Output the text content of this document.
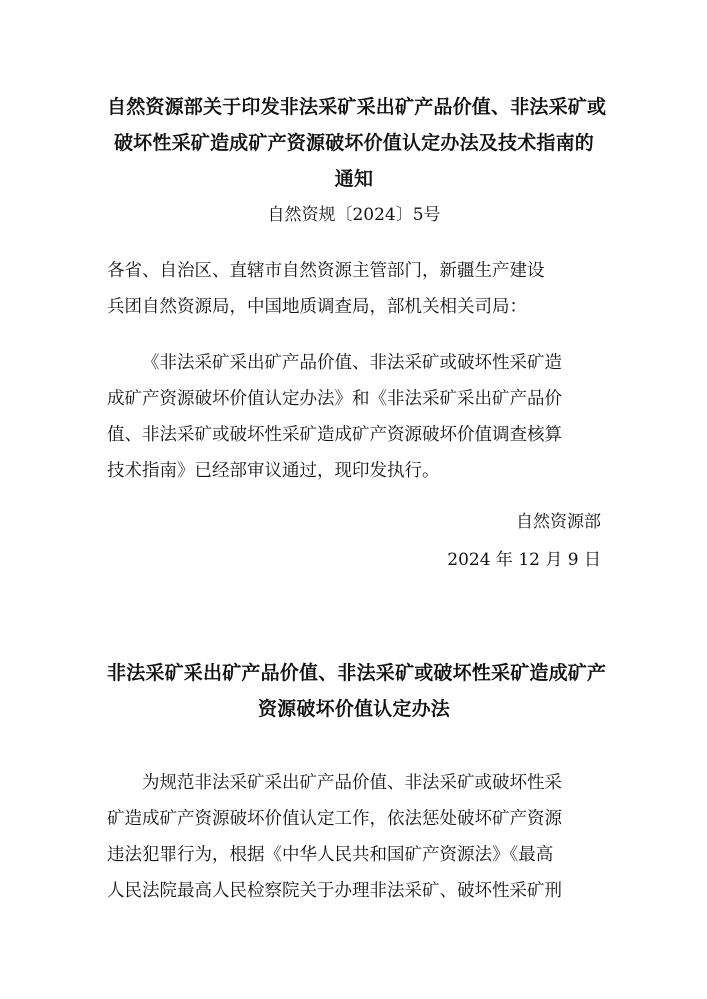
自然资源部关于印发非法采矿采出矿产品价值、非法采矿或
破坏性采矿造成矿产资源破坏价值认定办法及技术指南的
通知
自然资规〔2024〕5号
各省、自治区、直辖市自然资源主管部门，新疆生产建设
兵团自然资源局，中国地质调查局，部机关相关司局：
《非法采矿采出矿产品价值、非法采矿或破坏性采矿造
成矿产资源破坏价值认定办法》和《非法采矿采出矿产品价
值、非法采矿或破坏性采矿造成矿产资源破坏价值调查核算
技术指南》已经部审议通过，现印发执行。
自然资源部
2024 年 12 月 9 日
非法采矿采出矿产品价值、非法采矿或破坏性采矿造成矿产
资源破坏价值认定办法
为规范非法采矿采出矿产品价值、非法采矿或破坏性采
矿造成矿产资源破坏价值认定工作，依法惩处破坏矿产资源
违法犯罪行为，根据《中华人民共和国矿产资源法》《最高
人民法院最高人民检察院关于办理非法采矿、破坏性采矿刑
